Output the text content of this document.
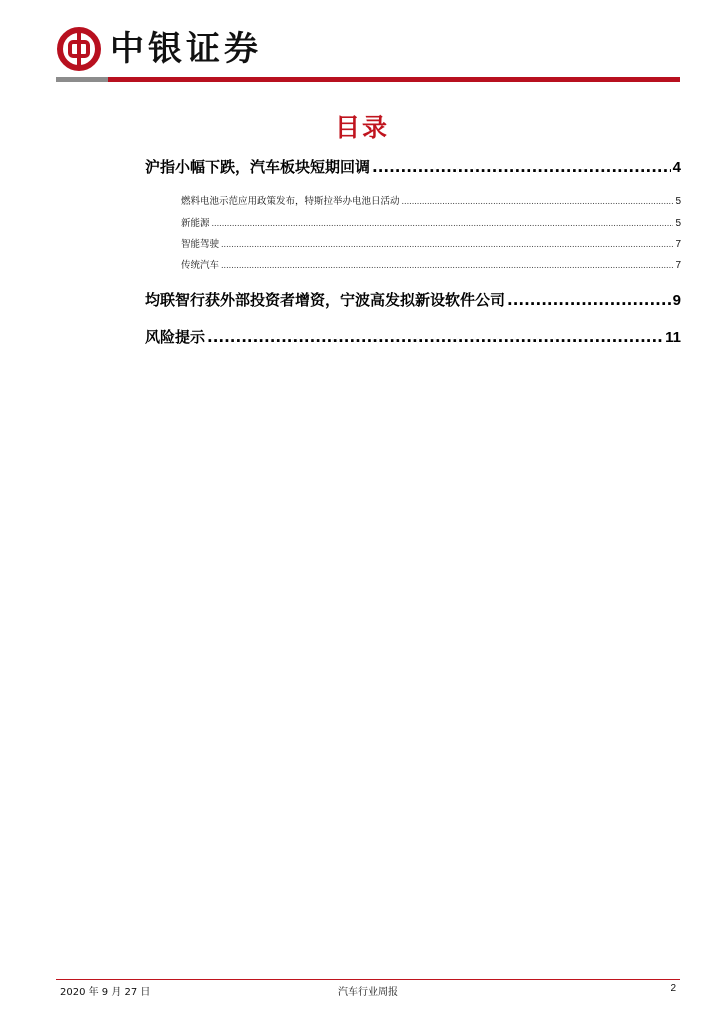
中银证券
目录
沪指小幅下跌，汽车板块短期回调 .....	4
燃料电池示范应用政策发布，特斯拉举办电池日活动 .....	5
新能源 .....	5
智能驾驶 .....	7
传统汽车 .....	7
均联智行获外部投资者增资，宁波高发拟新设软件公司 .....	9
风险提示 .....	11
2020 年 9 月 27 日	汽车行业周报	2
